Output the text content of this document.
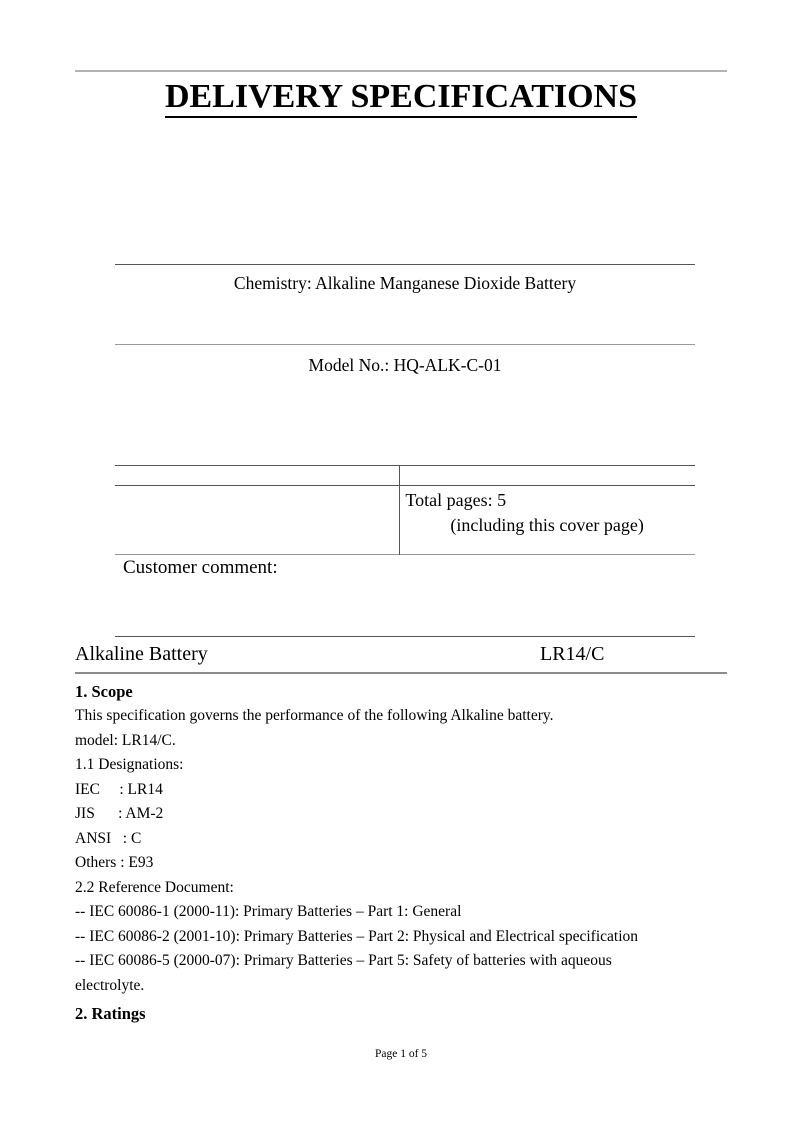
DELIVERY SPECIFICATIONS
Chemistry: Alkaline Manganese Dioxide Battery	
Model No.: HQ-ALK-C-01	

	Total pages: 5
(including this cover page)

Customer comment:	
Alkaline Battery	LR14/C
1. Scope
This specification governs the performance of the following Alkaline battery.
model: LR14/C.
1.1 Designations:
IEC     : LR14
JIS      : AM-2
ANSI   : C
Others : E93
2.2 Reference Document:
-- IEC 60086-1 (2000-11): Primary Batteries – Part 1: General
-- IEC 60086-2 (2001-10): Primary Batteries – Part 2: Physical and Electrical specification
-- IEC 60086-5 (2000-07): Primary Batteries – Part 5: Safety of batteries with aqueous
electrolyte.
2. Ratings
Page 1 of 5
